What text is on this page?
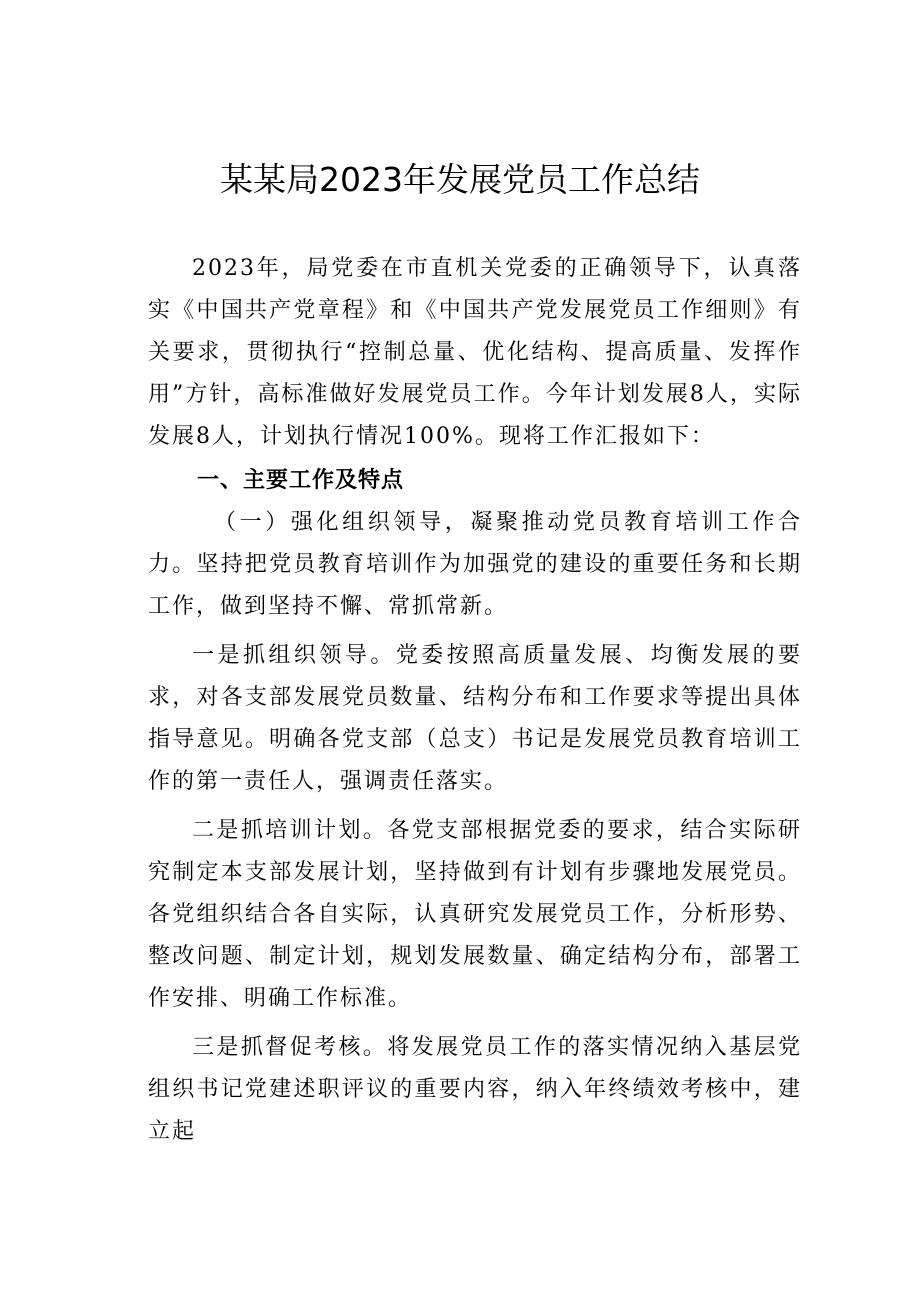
某某局2023年发展党员工作总结

2023年，局党委在市直机关党委的正确领导下，认真落实《中国共产党章程》和《中国共产党发展党员工作细则》有关要求，贯彻执行“控制总量、优化结构、提高质量、发挥作用”方针，高标准做好发展党员工作。今年计划发展8人，实际发展8人，计划执行情况100%。现将工作汇报如下：

一、主要工作及特点

（一）强化组织领导，凝聚推动党员教育培训工作合力。坚持把党员教育培训作为加强党的建设的重要任务和长期工作，做到坚持不懈、常抓常新。

一是抓组织领导。党委按照高质量发展、均衡发展的要求，对各支部发展党员数量、结构分布和工作要求等提出具体指导意见。明确各党支部（总支）书记是发展党员教育培训工作的第一责任人，强调责任落实。

二是抓培训计划。各党支部根据党委的要求，结合实际研究制定本支部发展计划，坚持做到有计划有步骤地发展党员。各党组织结合各自实际，认真研究发展党员工作，分析形势、整改问题、制定计划，规划发展数量、确定结构分布，部署工作安排、明确工作标准。

三是抓督促考核。将发展党员工作的落实情况纳入基层党组织书记党建述职评议的重要内容，纳入年终绩效考核中，建立起
